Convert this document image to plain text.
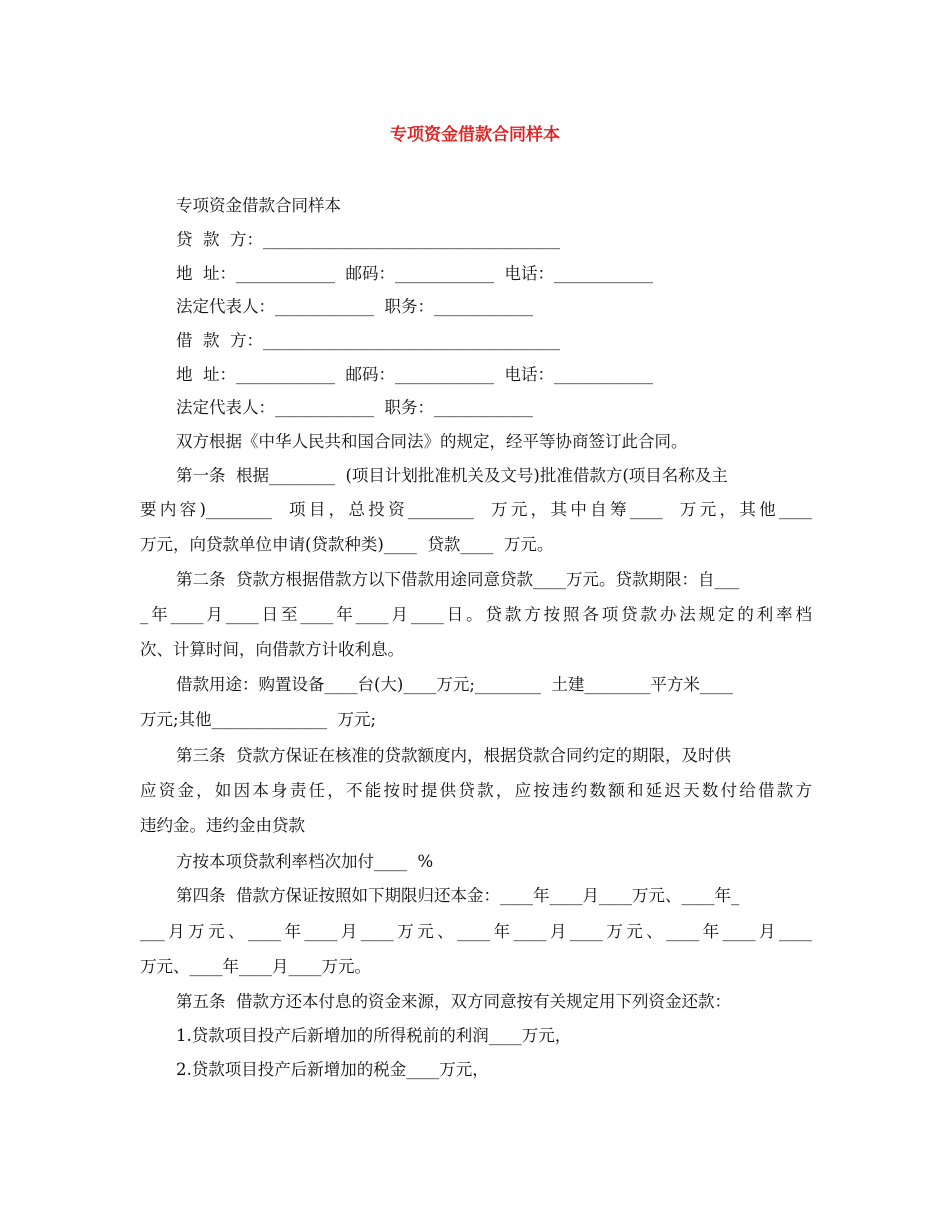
专项资金借款合同样本
专项资金借款合同样本
贷  款  方：____________________________________
地  址：____________  邮码：____________  电话：____________
法定代表人：____________  职务：____________
借  款  方：____________________________________
地  址：____________  邮码：____________  电话：____________
法定代表人：____________  职务：____________
双方根据《中华人民共和国合同法》的规定，经平等协商签订此合同。
第一条  根据________  (项目计划批准机关及文号)批准借款方(项目名称及主
要内容)________  项目，总投资________  万元，其中自筹____  万元，其他____
万元，向贷款单位申请(贷款种类)____  贷款____  万元。
第二条  贷款方根据借款方以下借款用途同意贷款____万元。贷款期限：自___
_年____月____日至____年____月____日。贷款方按照各项贷款办法规定的利率档
次、计算时间，向借款方计收利息。
借款用途：购置设备____台(大)____万元;________  土建________平方米____
万元;其他______________  万元;
第三条  贷款方保证在核准的贷款额度内，根据贷款合同约定的期限，及时供
应资金，如因本身责任，不能按时提供贷款，应按违约数额和延迟天数付给借款方
违约金。违约金由贷款
方按本项贷款利率档次加付____  %
第四条  借款方保证按照如下期限归还本金：____年____月____万元、____年_
___月万元、____年____月____万元、____年____月____万元、____年____月____
万元、____年____月____万元。
第五条  借款方还本付息的资金来源，双方同意按有关规定用下列资金还款：
1.贷款项目投产后新增加的所得税前的利润____万元，
2.贷款项目投产后新增加的税金____万元，
